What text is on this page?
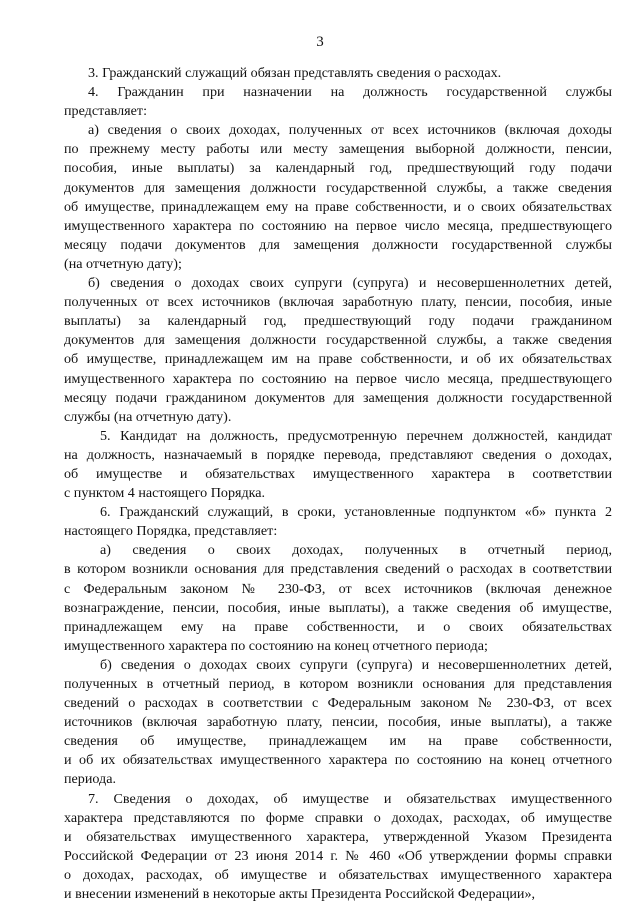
3
3. Гражданский служащий обязан представлять сведения о расходах.
4. Гражданин при назначении на должность государственной службы
представляет:
а) сведения о своих доходах, полученных от всех источников (включая доходы
по прежнему месту работы или месту замещения выборной должности, пенсии,
пособия, иные выплаты) за календарный год, предшествующий году подачи
документов для замещения должности государственной службы, а также сведения
об имуществе, принадлежащем ему на праве собственности, и о своих обязательствах
имущественного характера по состоянию на первое число месяца, предшествующего
месяцу подачи документов для замещения должности государственной службы
(на отчетную дату);
б) сведения о доходах своих супруги (супруга) и несовершеннолетних детей,
полученных от всех источников (включая заработную плату, пенсии, пособия, иные
выплаты) за календарный год, предшествующий году подачи гражданином
документов для замещения должности государственной службы, а также сведения
об имуществе, принадлежащем им на праве собственности, и об их обязательствах
имущественного характера по состоянию на первое число месяца, предшествующего
месяцу подачи гражданином документов для замещения должности государственной
службы (на отчетную дату).
5. Кандидат на должность, предусмотренную перечнем должностей, кандидат
на должность, назначаемый в порядке перевода, представляют сведения о доходах,
об имуществе и обязательствах имущественного характера в соответствии
с пунктом 4 настоящего Порядка.
6. Гражданский служащий, в сроки, установленные подпунктом «б» пункта 2
настоящего Порядка, представляет:
а) сведения о своих доходах, полученных в отчетный период,
в котором возникли основания для представления сведений о расходах в соответствии
с Федеральным законом № 230-ФЗ, от всех источников (включая денежное
вознаграждение, пенсии, пособия, иные выплаты), а также сведения об имуществе,
принадлежащем ему на праве собственности, и о своих обязательствах
имущественного характера по состоянию на конец отчетного периода;
б) сведения о доходах своих супруги (супруга) и несовершеннолетних детей,
полученных в отчетный период, в котором возникли основания для представления
сведений о расходах в соответствии с Федеральным законом № 230-ФЗ, от всех
источников (включая заработную плату, пенсии, пособия, иные выплаты), а также
сведения об имуществе, принадлежащем им на праве собственности,
и об их обязательствах имущественного характера по состоянию на конец отчетного
периода.
7. Сведения о доходах, об имуществе и обязательствах имущественного
характера представляются по форме справки о доходах, расходах, об имуществе
и обязательствах имущественного характера, утвержденной Указом Президента
Российской Федерации от 23 июня 2014 г. № 460 «Об утверждении формы справки
о доходах, расходах, об имуществе и обязательствах имущественного характера
и внесении изменений в некоторые акты Президента Российской Федерации»,
